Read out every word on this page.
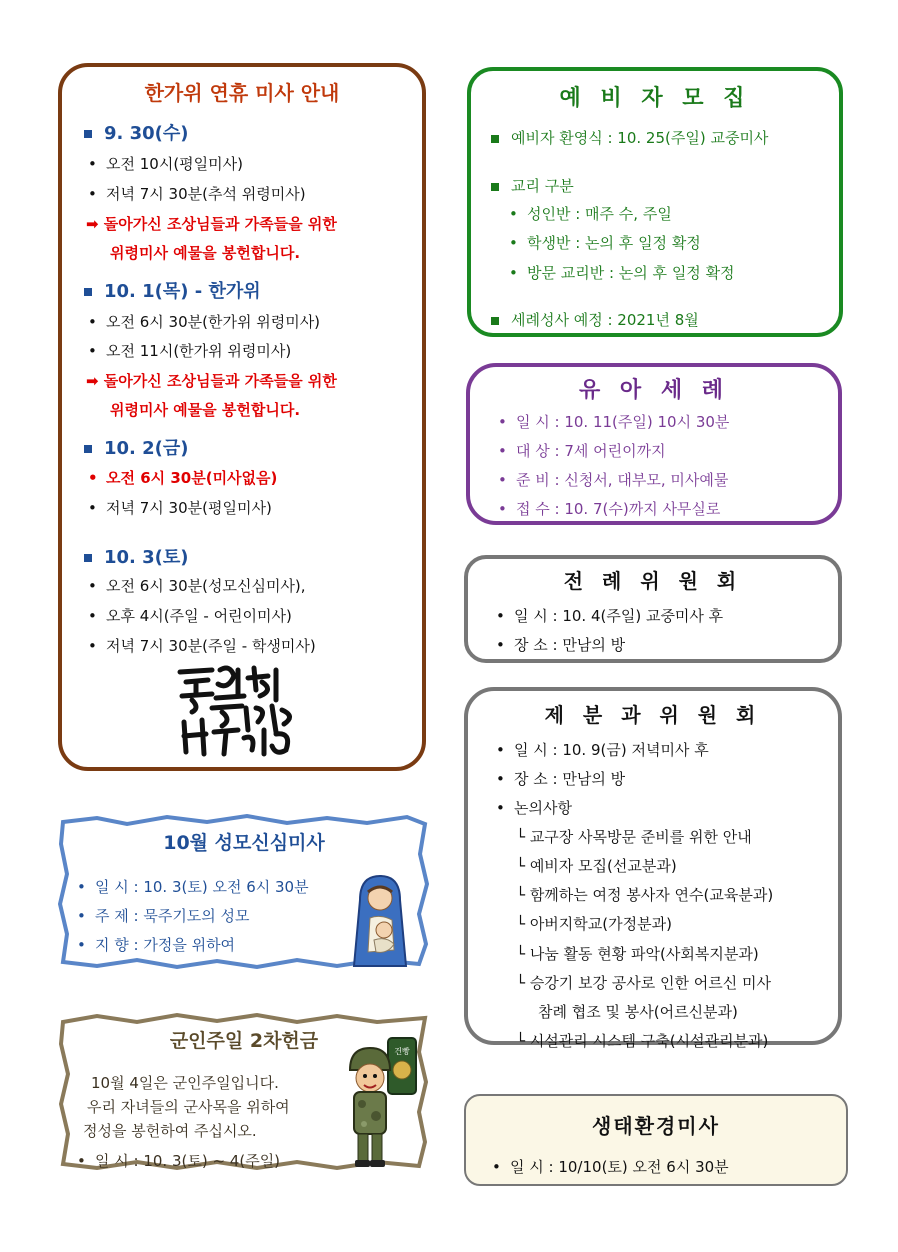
한가위 연휴 미사 안내
9. 30(수)
• 오전 10시(평일미사)
• 저녁 7시 30분(추석 위령미사)
➡ 돌아가신 조상님들과 가족들을 위한
위령미사 예물을 봉헌합니다.
10. 1(목) - 한가위
• 오전 6시 30분(한가위 위령미사)
• 오전 11시(한가위 위령미사)
➡ 돌아가신 조상님들과 가족들을 위한
위령미사 예물을 봉헌합니다.
10. 2(금)
• 오전 6시 30분(미사없음)
• 저녁 7시 30분(평일미사)
10. 3(토)
• 오전 6시 30분(성모신심미사),
• 오후 4시(주일 - 어린이미사)
• 저녁 7시 30분(주일 - 학생미사)
예 비 자 모 집
예비자 환영식 : 10. 25(주일) 교중미사
교리 구분
• 성인반 : 매주 수, 주일
• 학생반 : 논의 후 일정 확정
• 방문 교리반 : 논의 후 일정 확정
세례성사 예정 : 2021년 8월
유 아 세 례
• 일 시 : 10. 11(주일) 10시 30분
• 대 상 : 7세 어린이까지
• 준 비 : 신청서, 대부모, 미사예물
• 접 수 : 10. 7(수)까지 사무실로
전 례 위 원 회
• 일 시 : 10. 4(주일) 교중미사 후
• 장 소 : 만남의 방
제 분 과 위 원 회
• 일 시 : 10. 9(금) 저녁미사 후
• 장 소 : 만남의 방
• 논의사항
└ 교구장 사목방문 준비를 위한 안내
└ 예비자 모집(선교분과)
└ 함께하는 여정 봉사자 연수(교육분과)
└ 아버지학교(가정분과)
└ 나눔 활동 현황 파악(사회복지분과)
└ 승강기 보강 공사로 인한 어르신 미사
참례 협조 및 봉사(어르신분과)
└ 시설관리 시스템 구축(시설관리분과)
생태환경미사
• 일 시 : 10/10(토) 오전 6시 30분
10월 성모신심미사
• 일 시 : 10. 3(토) 오전 6시 30분
• 주 제 : 묵주기도의 성모
• 지 향 : 가정을 위하여
군인주일 2차헌금
10월 4일은 군인주일입니다.
우리 자녀들의 군사목을 위하여
정성을 봉헌하여 주십시오.
• 일 시 : 10. 3(토) ~ 4(주일)
건빵
